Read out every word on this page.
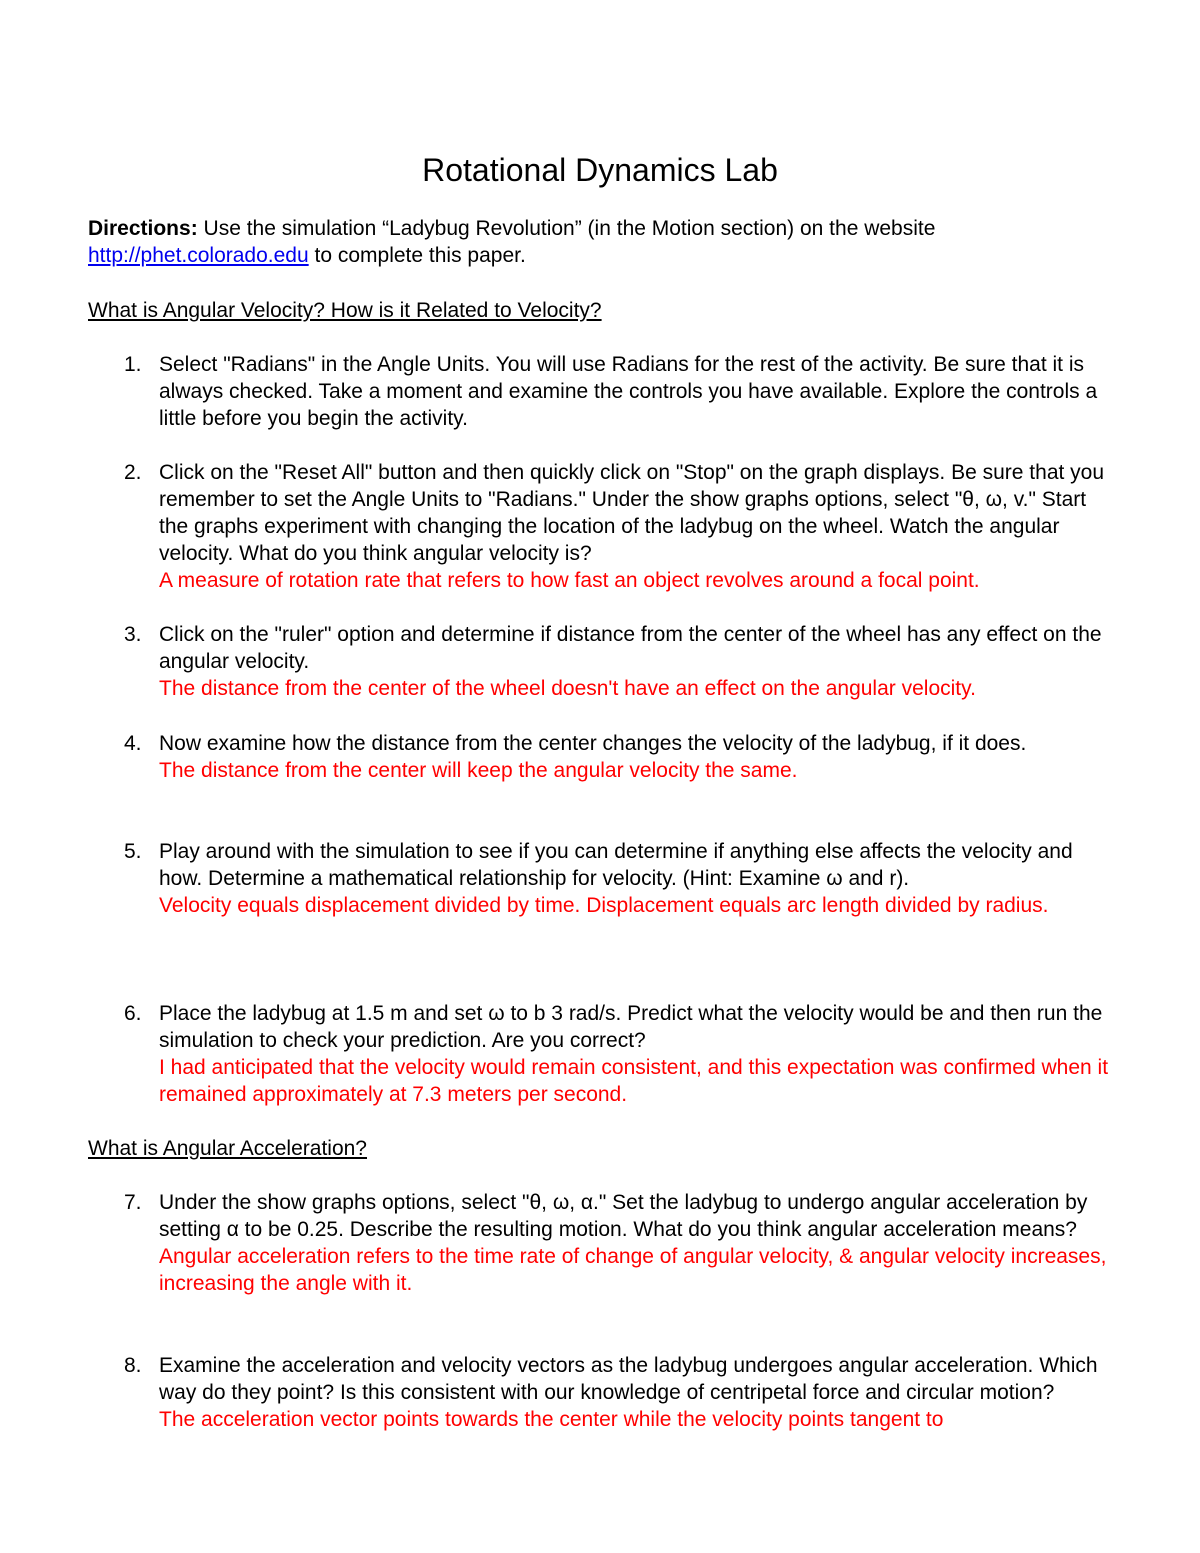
Rotational Dynamics Lab
Directions: Use the simulation “Ladybug Revolution” (in the Motion section) on the website http://phet.colorado.edu to complete this paper.
What is Angular Velocity? How is it Related to Velocity?
1. Select "Radians" in the Angle Units. You will use Radians for the rest of the activity. Be sure that it is always checked. Take a moment and examine the controls you have available. Explore the controls a little before you begin the activity.

2. Click on the "Reset All" button and then quickly click on "Stop" on the graph displays. Be sure that you remember to set the Angle Units to "Radians." Under the show graphs options, select "θ, ω, v." Start the graphs experiment with changing the location of the ladybug on the wheel. Watch the angular velocity. What do you think angular velocity is?

A measure of rotation rate that refers to how fast an object revolves around a focal point.

3. Click on the "ruler" option and determine if distance from the center of the wheel has any effect on the angular velocity.

The distance from the center of the wheel doesn't have an effect on the angular velocity.

4. Now examine how the distance from the center changes the velocity of the ladybug, if it does.

The distance from the center will keep the angular velocity the same.

5. Play around with the simulation to see if you can determine if anything else affects the velocity and how. Determine a mathematical relationship for velocity. (Hint: Examine ω and r).

Velocity equals displacement divided by time. Displacement equals arc length divided by radius.

6. Place the ladybug at 1.5 m and set ω to b 3 rad/s. Predict what the velocity would be and then run the simulation to check your prediction. Are you correct?

I had anticipated that the velocity would remain consistent, and this expectation was confirmed when it remained approximately at 7.3 meters per second.

What is Angular Acceleration?
7. Under the show graphs options, select "θ, ω, α." Set the ladybug to undergo angular acceleration by setting α to be 0.25. Describe the resulting motion. What do you think angular acceleration means?

Angular acceleration refers to the time rate of change of angular velocity, & angular velocity increases, increasing the angle with it.

8. Examine the acceleration and velocity vectors as the ladybug undergoes angular acceleration. Which way do they point? Is this consistent with our knowledge of centripetal force and circular motion?

The acceleration vector points towards the center while the velocity points tangent to
